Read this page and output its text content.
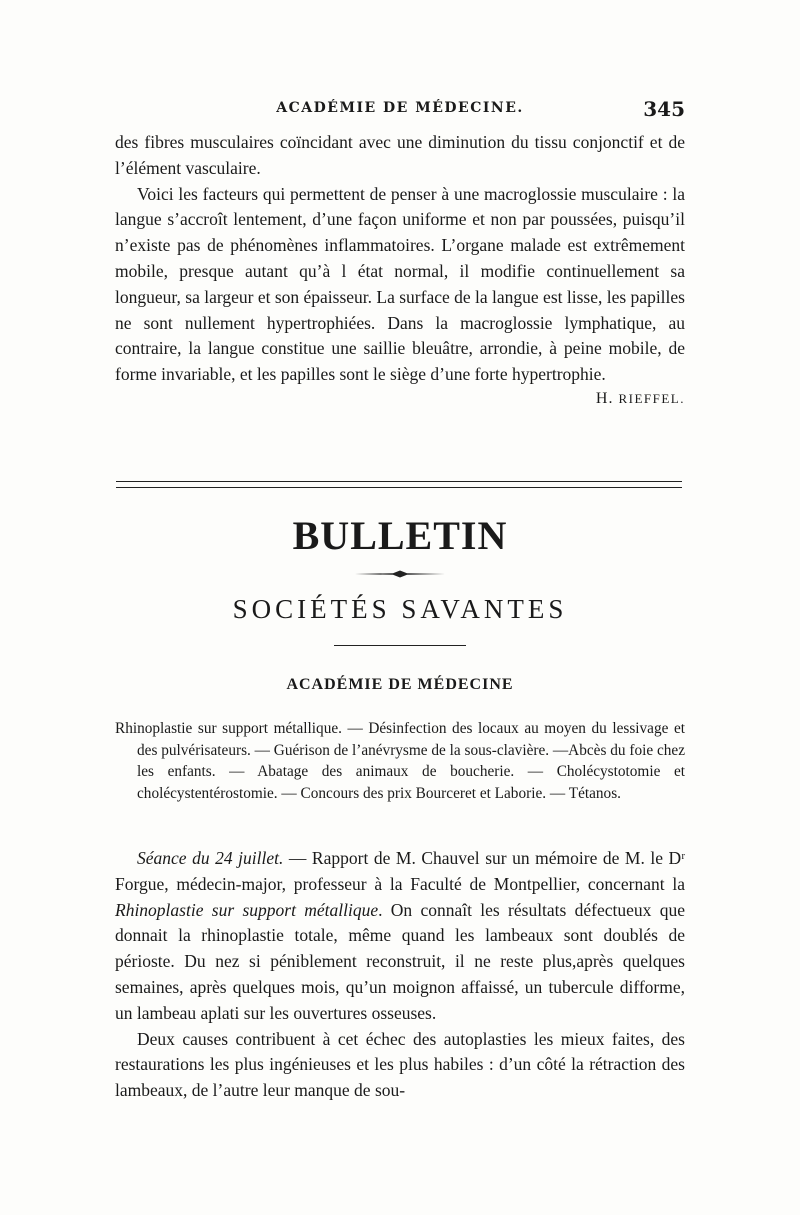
ACADÉMIE DE MÉDECINE.	345

des fibres musculaires coïncidant avec une diminution du tissu conjonctif et de l’élément vasculaire.

Voici les facteurs qui permettent de penser à une macroglossie musculaire : la langue s’accroît lentement, d’une façon uniforme et non par poussées, puisqu’il n’existe pas de phénomènes inflammatoires. L’organe malade est extrêmement mobile, presque autant qu’à l état normal, il modifie continuellement sa longueur, sa largeur et son épaisseur. La surface de la langue est lisse, les papilles ne sont nullement hypertrophiées. Dans la macroglossie lymphatique, au contraire, la langue constitue une saillie bleuâtre, arrondie, à peine mobile, de forme invariable, et les papilles sont le siège d’une forte hypertrophie.

H. RIEFFEL.
BULLETIN
SOCIÉTÉS SAVANTES
ACADÉMIE DE MÉDECINE
Rhinoplastie sur support métallique. — Désinfection des locaux au moyen du lessivage et des pulvérisateurs. — Guérison de l’anévrysme de la sous-clavière. —Abcès du foie chez les enfants. — Abatage des animaux de boucherie. — Cholécystotomie et cholécystentérostomie. — Concours des prix Bourceret et Laborie. — Tétanos.

Séance du 24 juillet. — Rapport de M. Chauvel sur un mémoire de M. le Dʳ Forgue, médecin-major, professeur à la Faculté de Montpellier, concernant la Rhinoplastie sur support métallique. On connaît les résultats défectueux que donnait la rhinoplastie totale, même quand les lambeaux sont doublés de périoste. Du nez si péniblement reconstruit, il ne reste plus,après quelques semaines, après quelques mois, qu’un moignon affaissé, un tubercule difforme, un lambeau aplati sur les ouvertures osseuses.

Deux causes contribuent à cet échec des autoplasties les mieux faites, des restaurations les plus ingénieuses et les plus habiles : d’un côté la rétraction des lambeaux, de l’autre leur manque de sou-
